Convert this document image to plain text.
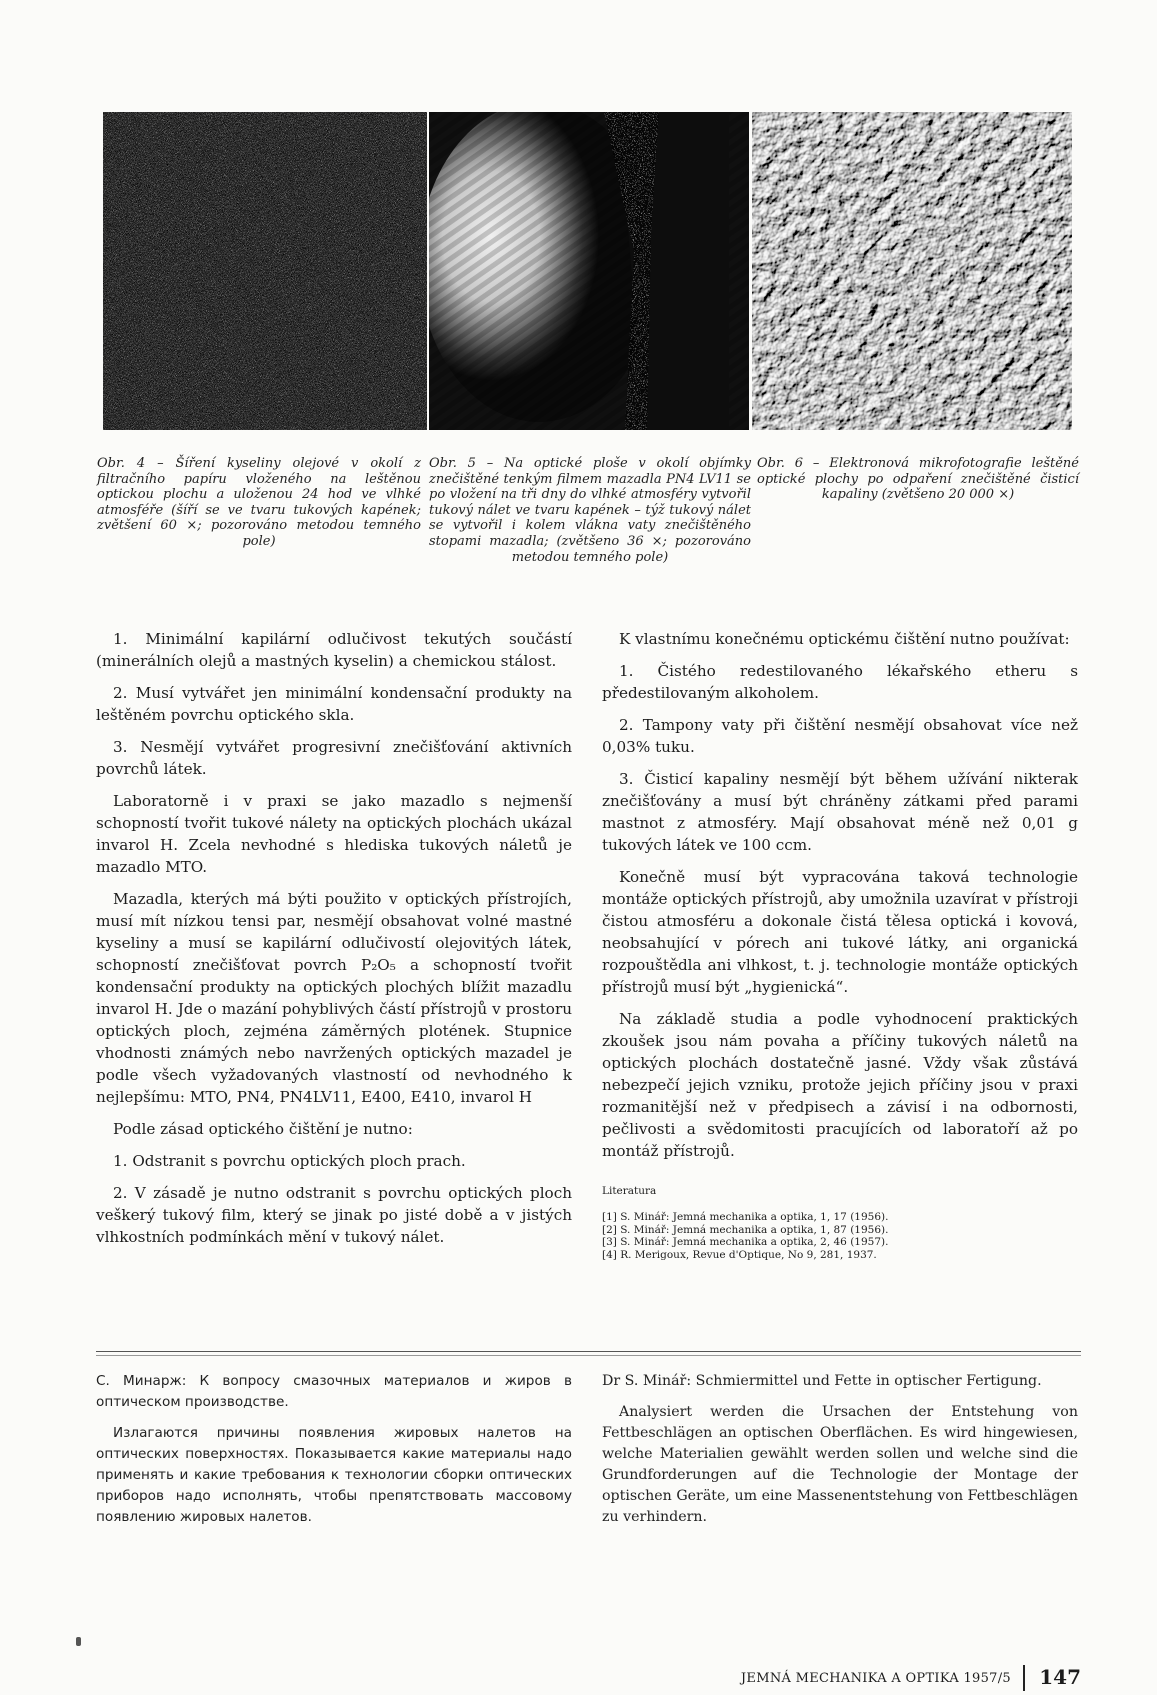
Obr. 4 – Šíření kyseliny olejové v okolí z filtračního papíru vloženého na leštěnou optickou plochu a uloženou 24 hod ve vlhké atmosféře (šíří se ve tvaru tukových kapének; zvětšení 60 ×; pozorováno metodou temného pole)
Obr. 5 – Na optické ploše v okolí objímky znečištěné tenkým filmem mazadla PN4 LV11 se po vložení na tři dny do vlhké atmosféry vytvořil tukový nálet ve tvaru kapének – týž tukový nálet se vytvořil i kolem vlákna vaty znečištěného stopami mazadla; (zvětšeno 36 ×; pozorováno metodou temného pole)
Obr. 6 – Elektronová mikrofotografie leštěné optické plochy po odpaření znečištěné čisticí kapaliny (zvětšeno 20 000 ×)

1. Minimální kapilární odlučivost tekutých součástí (minerálních olejů a mastných kyselin) a chemickou stálost.

2. Musí vytvářet jen minimální kondensační produkty na leštěném povrchu optického skla.

3. Nesmějí vytvářet progresivní znečišťování aktivních povrchů látek.

Laboratorně i v praxi se jako mazadlo s nejmenší schopností tvořit tukové nálety na optických plochách ukázal invarol H. Zcela nevhodné s hlediska tukových náletů je mazadlo MTO.

Mazadla, kterých má býti použito v optických přístrojích, musí mít nízkou tensi par, nesmějí obsahovat volné mastné kyseliny a musí se kapilární odlučivostí olejovitých látek, schopností znečišťovat povrch P₂O₅ a schopností tvořit kondensační produkty na optických plochých blížit mazadlu invarol H. Jde o mazání pohyblivých částí přístrojů v prostoru optických ploch, zejména záměrných plotének. Stupnice vhodnosti známých nebo navržených optických mazadel je podle všech vyžadovaných vlastností od nevhodného k nejlepšímu: MTO, PN4, PN4LV11, E400, E410, invarol H

Podle zásad optického čištění je nutno:

1. Odstranit s povrchu optických ploch prach.

2. V zásadě je nutno odstranit s povrchu optických ploch veškerý tukový film, který se jinak po jisté době a v jistých vlhkostních podmínkách mění v tukový nálet.

K vlastnímu konečnému optickému čištění nutno používat:

1. Čistého redestilovaného lékařského etheru s předestilovaným alkoholem.

2. Tampony vaty při čištění nesmějí obsahovat více než 0,03% tuku.

3. Čisticí kapaliny nesmějí být během užívání nikterak znečišťovány a musí být chráněny zátkami před parami mastnot z atmosféry. Mají obsahovat méně než 0,01 g tukových látek ve 100 ccm.

Konečně musí být vypracována taková technologie montáže optických přístrojů, aby umožnila uzavírat v přístroji čistou atmosféru a dokonale čistá tělesa optická i kovová, neobsahující v pórech ani tukové látky, ani organická rozpouštědla ani vlhkost, t. j. technologie montáže optických přístrojů musí být „hygienická“.

Na základě studia a podle vyhodnocení praktických zkoušek jsou nám povaha a příčiny tukových náletů na optických plochách dostatečně jasné. Vždy však zůstává nebezpečí jejich vzniku, protože jejich příčiny jsou v praxi rozmanitější než v předpisech a závisí i na odbornosti, pečlivosti a svědomitosti pracujících od laboratoří až po montáž přístrojů.

Literatura
[1] S. Minář: Jemná mechanika a optika, 1, 17 (1956).
[2] S. Minář: Jemná mechanika a optika, 1, 87 (1956).
[3] S. Minář: Jemná mechanika a optika, 2, 46 (1957).
[4] R. Merigoux, Revue d'Optique, No 9, 281, 1937.

С. Минарж: К вопросу смазочных материалов и жиров в оптическом производстве.

Излагаются причины появления жировых налетов на оптических поверхностях. Показывается какие материалы надо применять и какие требования к технологии сборки оптических приборов надо исполнять, чтобы препятствовать массовому появлению жировых налетов.

Dr S. Minář: Schmiermittel und Fette in optischer Fertigung.

Analysiert werden die Ursachen der Entstehung von Fettbeschlägen an optischen Oberflächen. Es wird hingewiesen, welche Materialien gewählt werden sollen und welche sind die Grundforderungen auf die Technologie der Montage der optischen Geräte, um eine Massenentstehung von Fettbeschlägen zu verhindern.

JEMNÁ MECHANIKA A OPTIKA 1957/5 147
